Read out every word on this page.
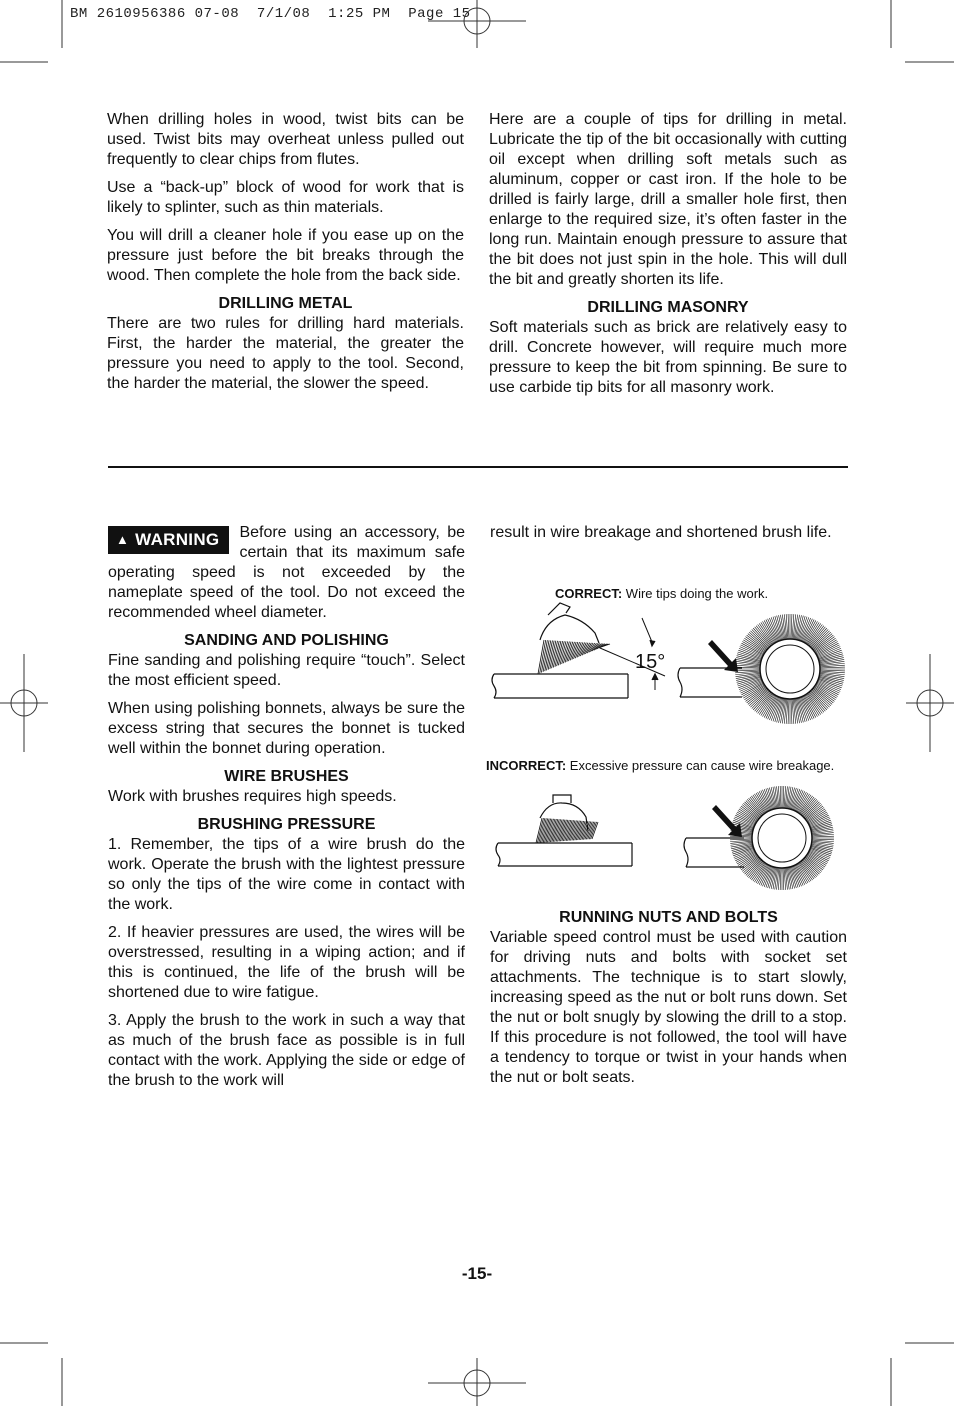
BM 2610956386 07-08  7/1/08  1:25 PM  Page 15

When drilling holes in wood, twist bits can be used. Twist bits may overheat unless pulled out frequently to clear chips from flutes.

Use a “back-up” block of wood for work that is likely to splinter, such as thin materials.

You will drill a cleaner hole if you ease up on the pressure just before the bit breaks through the wood. Then complete the hole from the back side.

DRILLING METAL

There are two rules for drilling hard materials. First, the harder the material, the greater the pressure you need to apply to the tool. Second, the harder the material, the slower the speed.

Here are a couple of tips for drilling in metal. Lubricate the tip of the bit occasionally with cutting oil except when drilling soft metals such as aluminum, copper or cast iron. If the hole to be drilled is fairly large, drill a smaller hole first, then enlarge to the required size, it’s often faster in the long run. Maintain enough pressure to assure that the bit does not just spin in the hole. This will dull the bit and greatly shorten its life.

DRILLING MASONRY

Soft materials such as brick are relatively easy to drill. Concrete however, will require much more pressure to keep the bit from spinning. Be sure to use carbide tip bits for all masonry work.

▲ WARNING	Before using an accessory, be certain that its maximum safe operating speed is not exceeded by the nameplate speed of the tool. Do not exceed the recommended wheel diameter.

SANDING AND POLISHING

Fine sanding and polishing require “touch”. Select the most efficient speed.

When using polishing bonnets, always be sure the excess string that secures the bonnet is tucked well within the bonnet during operation.

WIRE BRUSHES

Work with brushes requires high speeds.

BRUSHING PRESSURE

1. Remember, the tips of a wire brush do the work. Operate the brush with the lightest pressure so only the tips of the wire come in contact with the work.

2. If heavier pressures are used, the wires will be overstressed, resulting in a wiping action; and if this is continued, the life of the brush will be shortened due to wire fatigue.

3. Apply the brush to the work in such a way that as much of the brush face as possible is in full contact with the work. Applying the side or edge of the brush to the work will

result in wire breakage and shortened brush life.

CORRECT: Wire tips doing the work.
INCORRECT: Excessive pressure can cause wire breakage.
15°
RUNNING NUTS AND BOLTS

Variable speed control must be used with caution for driving nuts and bolts with socket set attachments. The technique is to start slowly, increasing speed as the nut or bolt runs down. Set the nut or bolt snugly by slowing the drill to a stop. If this procedure is not followed, the tool will have a tendency to torque or twist in your hands when the nut or bolt seats.

-15-
